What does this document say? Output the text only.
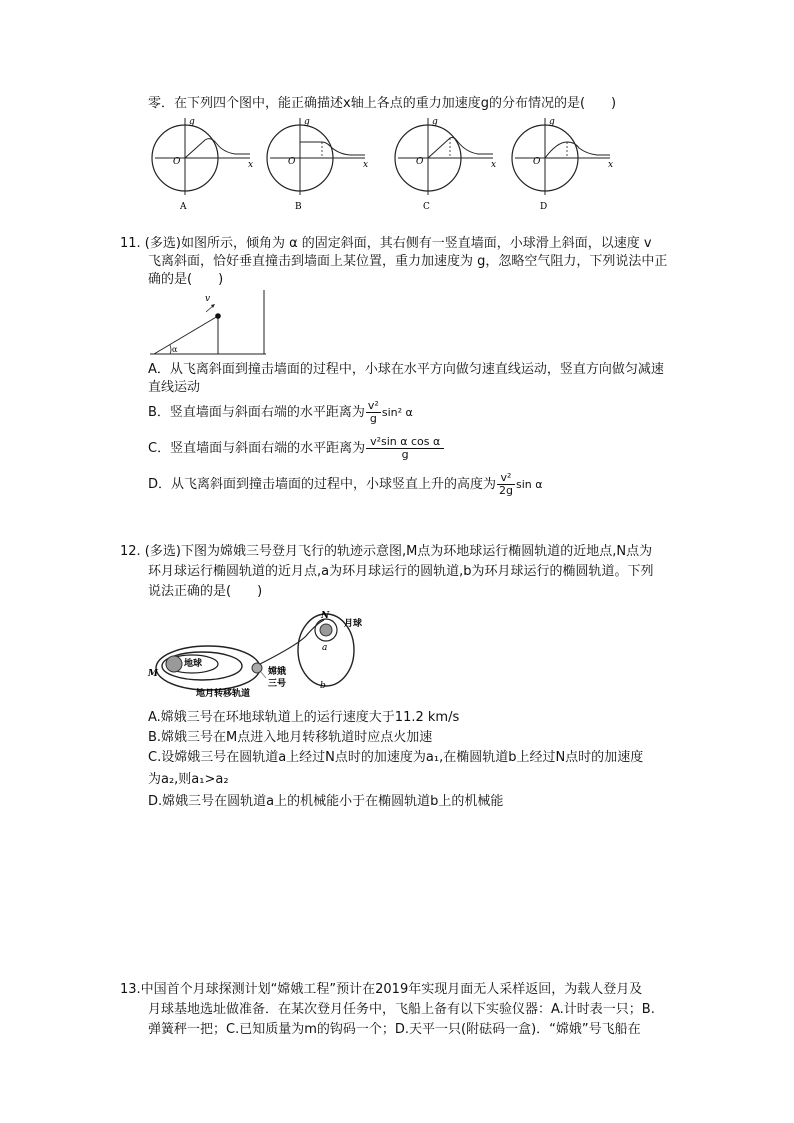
零．在下列四个图中，能正确描述x轴上各点的重力加速度g的分布情况的是(　　)
g
x
O
A
g
x
O
B
g
x
O
C
g
x
O
D
11. (多选)如图所示，倾角为 α 的固定斜面，其右侧有一竖直墙面，小球滑上斜面，以速度 v
飞离斜面，恰好垂直撞击到墙面上某位置，重力加速度为 g，忽略空气阻力，下列说法中正
确的是(　　)
v
α
A．从飞离斜面到撞击墙面的过程中，小球在水平方向做匀速直线运动，竖直方向做匀减速
直线运动
B．竖直墙面与斜面右端的水平距离为 $\frac{\text{v²}}{g} \sin^2$ α
C．竖直墙面与斜面右端的水平距离为 $\frac{\text{v²sin α cos α}}{g}$
D．从飞离斜面到撞击墙面的过程中，小球竖直上升的高度为 $\frac{\text{v²}}{2g}$ sin α
12. (多选)下图为嫦娥三号登月飞行的轨迹示意图,M点为环地球运行椭圆轨道的近地点,N点为
环月球运行椭圆轨道的近月点,a为环月球运行的圆轨道,b为环月球运行的椭圆轨道。下列
说法正确的是(　　)
地球
M
地月转移轨道
N
月球
a
b
嫦娥
三号
A.嫦娥三号在环地球轨道上的运行速度大于11.2 km/s
B.嫦娥三号在M点进入地月转移轨道时应点火加速
C.设嫦娥三号在圆轨道a上经过N点时的加速度为a₁,在椭圆轨道b上经过N点时的加速度
为a₂,则a₁>a₂
D.嫦娥三号在圆轨道a上的机械能小于在椭圆轨道b上的机械能
13.中国首个月球探测计划“嫦娥工程”预计在2019年实现月面无人采样返回，为载人登月及
月球基地选址做准备．在某次登月任务中，飞船上备有以下实验仪器：A.计时表一只；B.
弹簧秤一把；C.已知质量为m的钩码一个；D.天平一只(附砝码一盒)．“嫦娥”号飞船在
